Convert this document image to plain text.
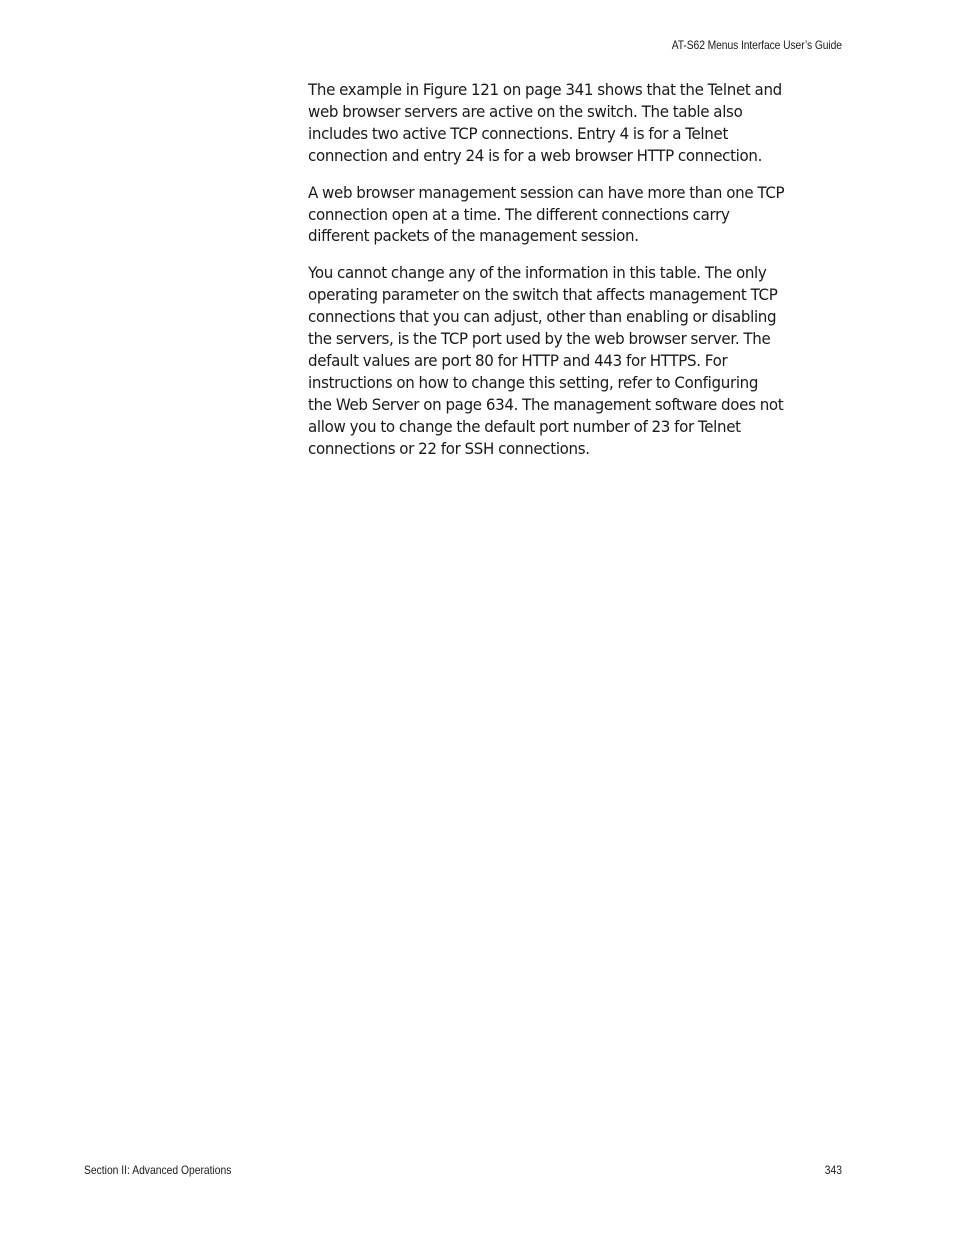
AT-S62 Menus Interface User’s Guide

The example in Figure 121 on page 341 shows that the Telnet and
web browser servers are active on the switch. The table also
includes two active TCP connections. Entry 4 is for a Telnet
connection and entry 24 is for a web browser HTTP connection.

A web browser management session can have more than one TCP
connection open at a time. The different connections carry
different packets of the management session.

You cannot change any of the information in this table. The only
operating parameter on the switch that affects management TCP
connections that you can adjust, other than enabling or disabling
the servers, is the TCP port used by the web browser server. The
default values are port 80 for HTTP and 443 for HTTPS. For
instructions on how to change this setting, refer to Configuring
the Web Server on page 634. The management software does not
allow you to change the default port number of 23 for Telnet
connections or 22 for SSH connections.

Section II: Advanced Operations	343
